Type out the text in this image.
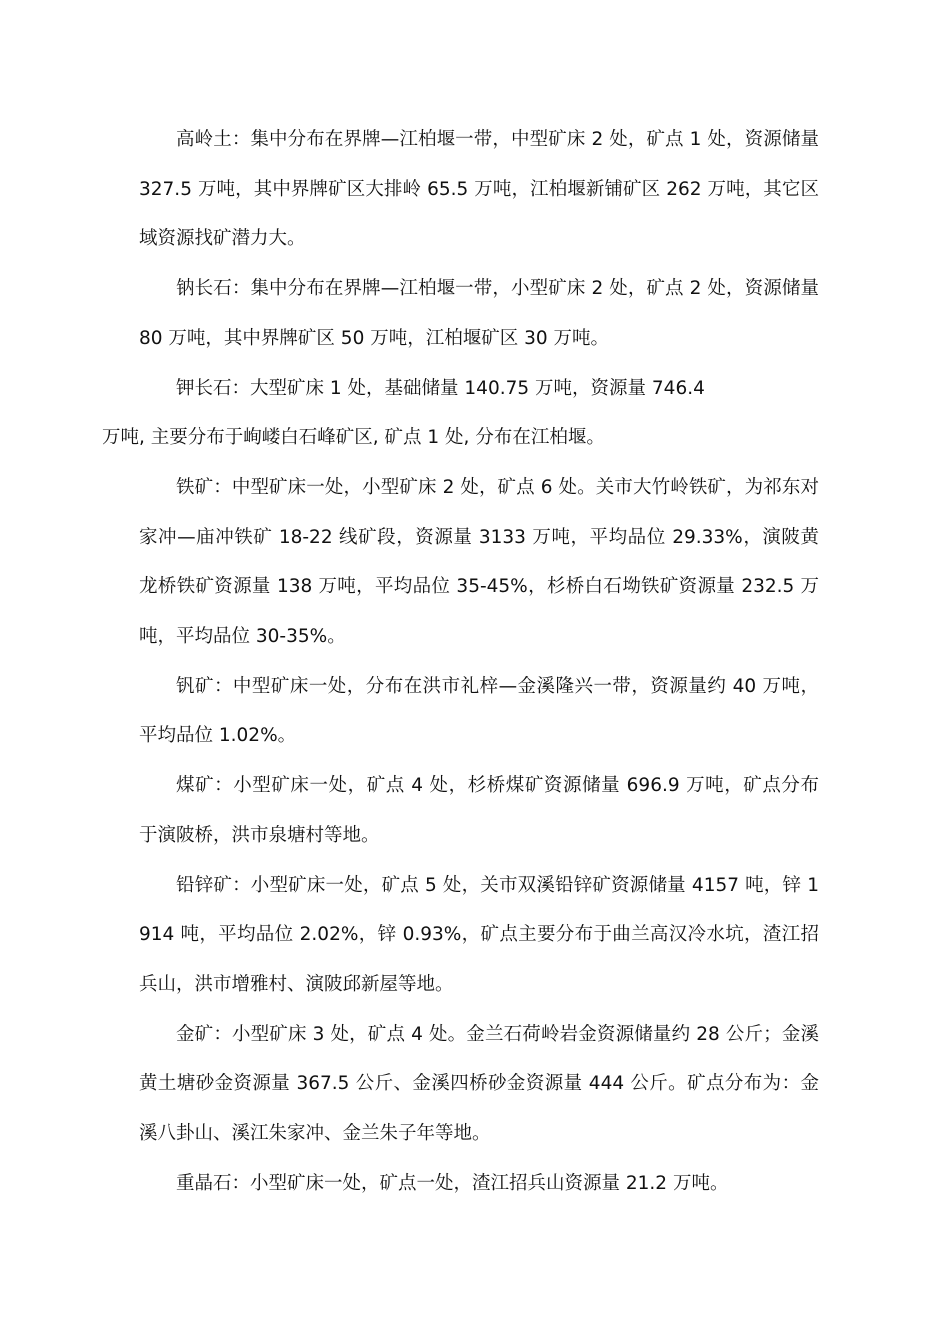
高岭土：集中分布在界牌—江柏堰一带，中型矿床 2 处，矿点 1 处，资源储量 327.5 万吨，其中界牌矿区大排岭 65.5 万吨，江柏堰新铺矿区 262 万吨，其它区域资源找矿潜力大。

钠长石：集中分布在界牌—江柏堰一带，小型矿床 2 处，矿点 2 处，资源储量 80 万吨，其中界牌矿区 50 万吨，江柏堰矿区 30 万吨。

钾长石：大型矿床 1 处，基础储量 140.75 万吨，资源量 746.4
万吨, 主要分布于峋嵝白石峰矿区, 矿点 1 处, 分布在江柏堰。

铁矿：中型矿床一处，小型矿床 2 处，矿点 6 处。关市大竹岭铁矿，为祁东对家冲—庙冲铁矿 18-22 线矿段，资源量 3133 万吨，平均品位 29.33%，演陂黄龙桥铁矿资源量 138 万吨，平均品位 35-45%，杉桥白石坳铁矿资源量 232.5 万吨，平均品位 30-35%。

钒矿：中型矿床一处，分布在洪市礼梓—金溪隆兴一带，资源量约 40 万吨，平均品位 1.02%。

煤矿：小型矿床一处，矿点 4 处，杉桥煤矿资源储量 696.9 万吨，矿点分布于演陂桥，洪市泉塘村等地。

铅锌矿：小型矿床一处，矿点 5 处，关市双溪铅锌矿资源储量 4157 吨，锌 1914 吨，平均品位 2.02%，锌 0.93%，矿点主要分布于曲兰高汉冷水坑，渣江招兵山，洪市增雅村、演陂邱新屋等地。

金矿：小型矿床 3 处，矿点 4 处。金兰石荷岭岩金资源储量约 28 公斤；金溪黄土塘砂金资源量 367.5 公斤、金溪四桥砂金资源量 444 公斤。矿点分布为：金溪八卦山、溪江朱家冲、金兰朱子年等地。

重晶石：小型矿床一处，矿点一处，渣江招兵山资源量 21.2 万吨。
